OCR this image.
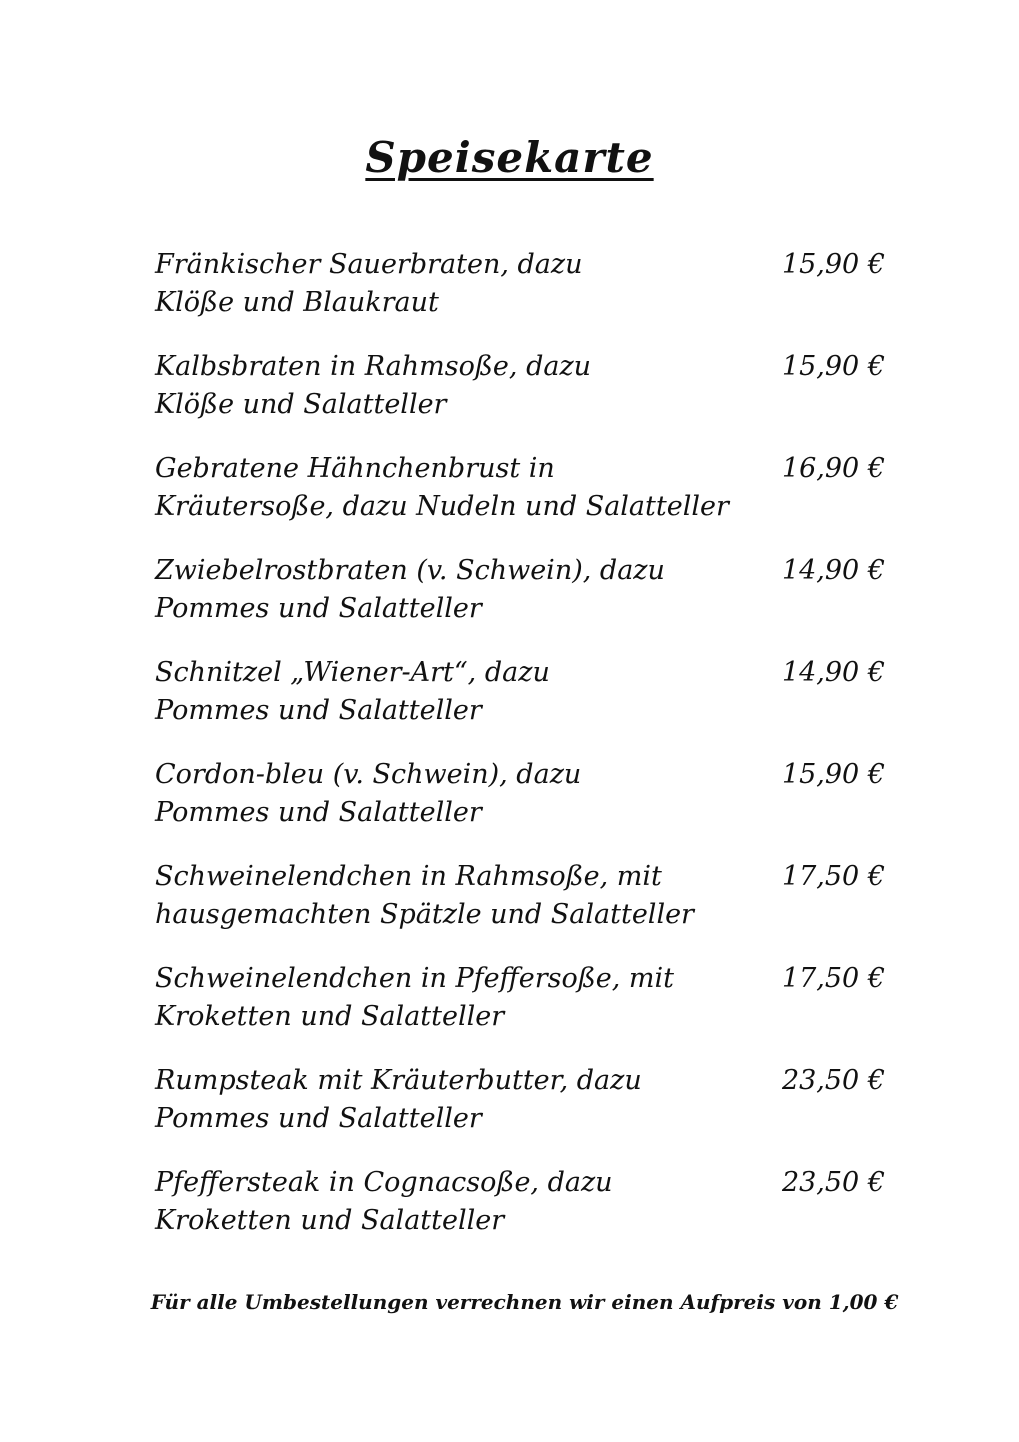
Speisekarte
Fränkischer Sauerbraten, dazu
Klöße und Blaukraut
15,90 €
Kalbsbraten in Rahmsoße, dazu
Klöße und Salatteller
15,90 €
Gebratene Hähnchenbrust in
Kräutersoße, dazu Nudeln und Salatteller
16,90 €
Zwiebelrostbraten (v. Schwein), dazu
Pommes und Salatteller
14,90 €
Schnitzel „Wiener-Art“, dazu
Pommes und Salatteller
14,90 €
Cordon-bleu (v. Schwein), dazu
Pommes und Salatteller
15,90 €
Schweinelendchen in Rahmsoße, mit
hausgemachten Spätzle und Salatteller
17,50 €
Schweinelendchen in Pfeffersoße, mit
Kroketten und Salatteller
17,50 €
Rumpsteak mit Kräuterbutter, dazu
Pommes und Salatteller
23,50 €
Pfeffersteak in Cognacsoße, dazu
Kroketten und Salatteller
23,50 €
Für alle Umbestellungen verrechnen wir einen Aufpreis von 1,00 €
